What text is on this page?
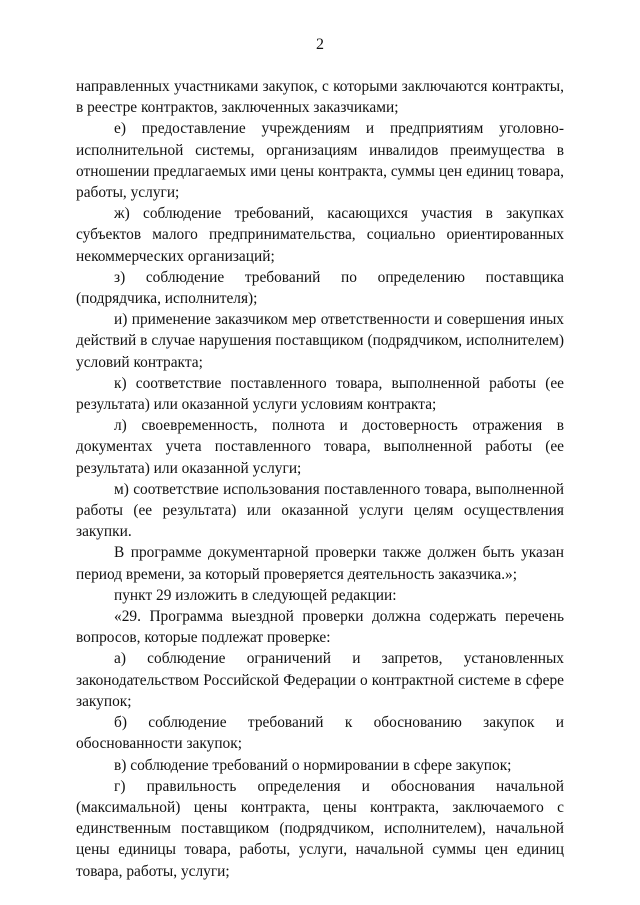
2

направленных участниками закупок, с которыми заключаются контракты, в реестре контрактов, заключенных заказчиками;

е) предоставление учреждениям и предприятиям уголовно-исполнительной системы, организациям инвалидов преимущества в отношении предлагаемых ими цены контракта, суммы цен единиц товара, работы, услуги;

ж) соблюдение требований, касающихся участия в закупках субъектов малого предпринимательства, социально ориентированных некоммерческих организаций;

з) соблюдение требований по определению поставщика (подрядчика, исполнителя);

и) применение заказчиком мер ответственности и совершения иных действий в случае нарушения поставщиком (подрядчиком, исполнителем) условий контракта;

к) соответствие поставленного товара, выполненной работы (ее результата) или оказанной услуги условиям контракта;

л) своевременность, полнота и достоверность отражения в документах учета поставленного товара, выполненной работы (ее результата) или оказанной услуги;

м) соответствие использования поставленного товара, выполненной работы (ее результата) или оказанной услуги целям осуществления закупки.

В программе документарной проверки также должен быть указан период времени, за который проверяется деятельность заказчика.»;

пункт 29 изложить в следующей редакции:

«29. Программа выездной проверки должна содержать перечень вопросов, которые подлежат проверке:

а) соблюдение ограничений и запретов, установленных законодательством Российской Федерации о контрактной системе в сфере закупок;

б) соблюдение требований к обоснованию закупок и обоснованности закупок;

в) соблюдение требований о нормировании в сфере закупок;

г) правильность определения и обоснования начальной (максимальной) цены контракта, цены контракта, заключаемого с единственным поставщиком (подрядчиком, исполнителем), начальной цены единицы товара, работы, услуги, начальной суммы цен единиц товара, работы, услуги;
